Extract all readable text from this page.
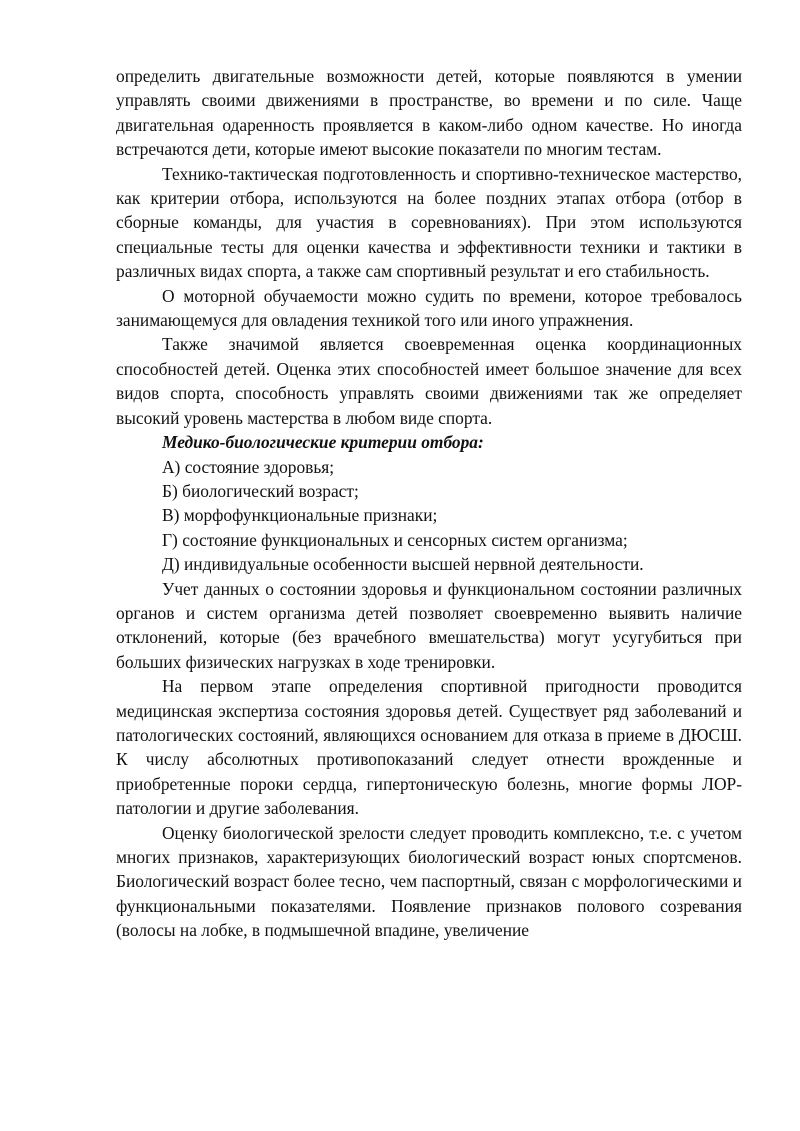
определить двигательные возможности детей, которые появляются в умении управлять своими движениями в пространстве, во времени и по силе. Чаще двигательная одаренность проявляется в каком-либо одном качестве. Но иногда встречаются дети, которые имеют высокие показатели по многим тестам.

Технико-тактическая подготовленность и спортивно-техническое мастерство, как критерии отбора, используются на более поздних этапах отбора (отбор в сборные команды, для участия в соревнованиях). При этом используются специальные тесты для оценки качества и эффективности техники и тактики в различных видах спорта, а также сам спортивный результат и его стабильность.

О моторной обучаемости можно судить по времени, которое требовалось занимающемуся для овладения техникой того или иного упражнения.

Также значимой является своевременная оценка координационных способностей детей. Оценка этих способностей имеет большое значение для всех видов спорта, способность управлять своими движениями так же определяет высокий уровень мастерства в любом виде спорта.

Медико-биологические критерии отбора:

А) состояние здоровья;

Б) биологический возраст;

В) морфофункциональные признаки;

Г) состояние функциональных и сенсорных систем организма;

Д) индивидуальные особенности высшей нервной деятельности.

Учет данных о состоянии здоровья и функциональном состоянии различных органов и систем организма детей позволяет своевременно выявить наличие отклонений, которые (без врачебного вмешательства) могут усугубиться при больших физических нагрузках в ходе тренировки.

На первом этапе определения спортивной пригодности проводится медицинская экспертиза состояния здоровья детей. Существует ряд заболеваний и патологических состояний, являющихся основанием для отказа в приеме в ДЮСШ. К числу абсолютных противопоказаний следует отнести врожденные и приобретенные пороки сердца, гипертоническую болезнь, многие формы ЛОР-патологии и другие заболевания.

Оценку биологической зрелости следует проводить комплексно, т.е. с учетом многих признаков, характеризующих биологический возраст юных спортсменов. Биологический возраст более тесно, чем паспортный, связан с морфологическими и функциональными показателями. Появление признаков полового созревания (волосы на лобке, в подмышечной впадине, увеличение
